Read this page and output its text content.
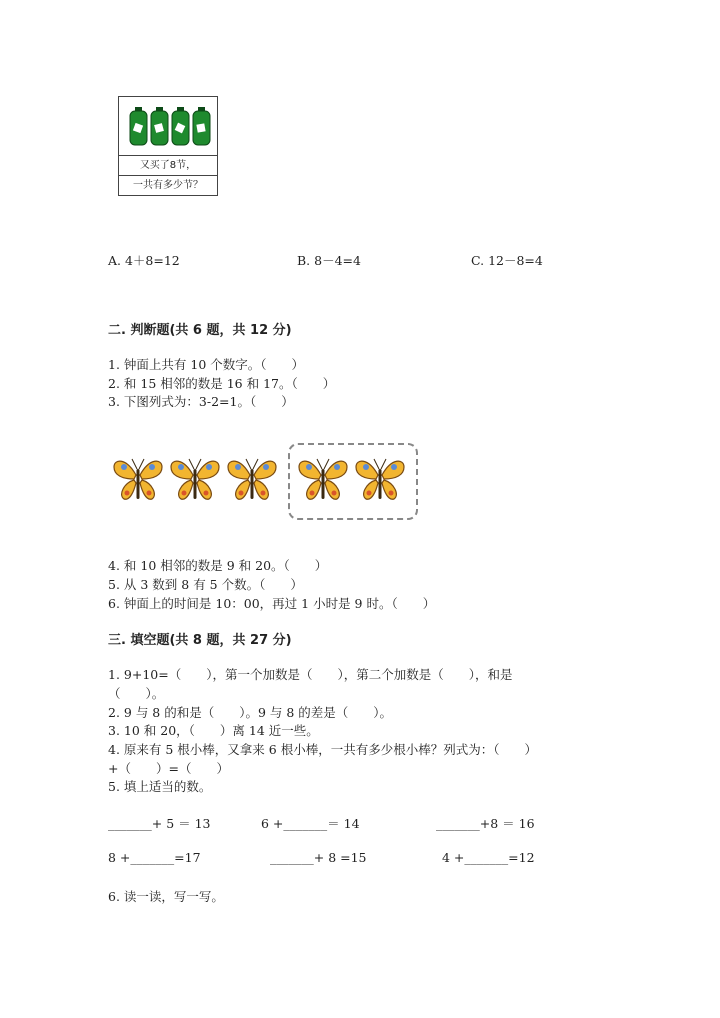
又买了8节，
一共有多少节？
A. 4＋8=12	B. 8－4=4	C. 12－8=4
二. 判断题(共 6 题，共 12 分)
1. 钟面上共有 10 个数字。（　　）
2. 和 15 相邻的数是 16 和 17。（　　）
3. 下图列式为：3-2=1。（　　）
4. 和 10 相邻的数是 9 和 20。（　　）
5. 从 3 数到 8 有 5 个数。（　　）
6. 钟面上的时间是 10：00，再过 1 小时是 9 时。（　　）
三. 填空题(共 8 题，共 27 分)
1. 9+10=（　　），第一个加数是（　　），第二个加数是（　　），和是
（　　）。
2. 9 与 8 的和是（　　）。9 与 8 的差是（　　）。
3. 10 和 20，（　　）离 14 近一些。
4. 原来有 5 根小棒，又拿来 6 根小棒，一共有多少根小棒？列式为：（　　）
+（　　）=（　　）
5. 填上适当的数。
_______+ 5 ＝ 13	6 +_______＝ 14	_______+8 ＝ 16
8 +_______=17	_______+ 8 =15	4 +_______=12
6. 读一读，写一写。
